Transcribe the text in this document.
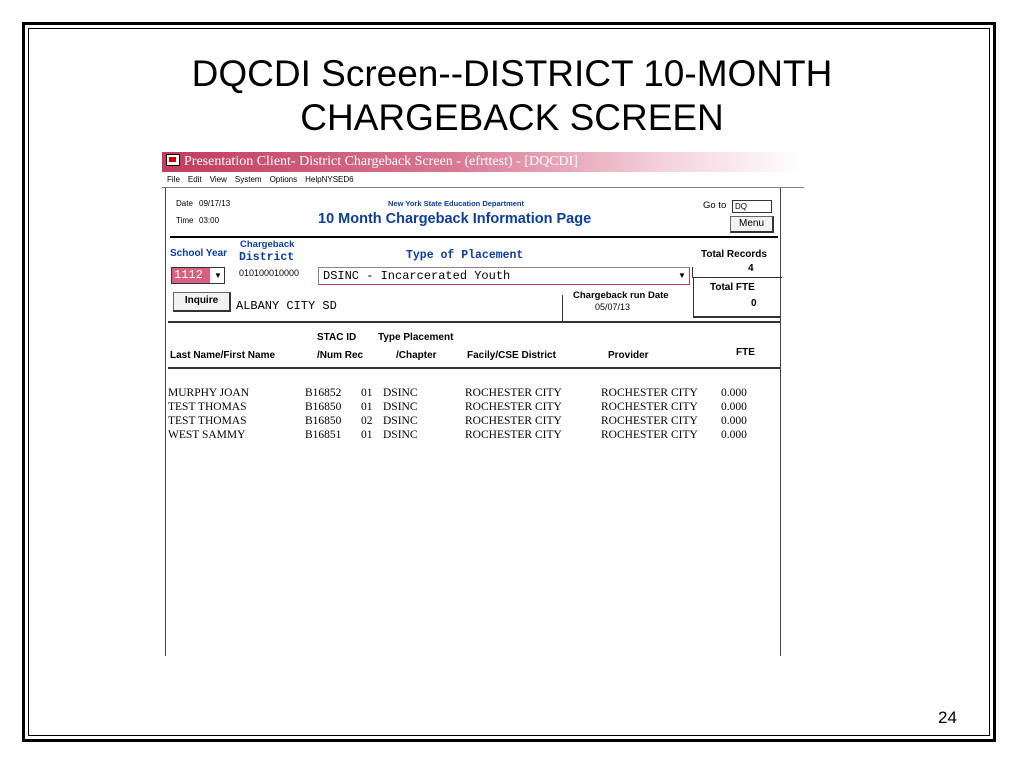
DQCDI Screen--DISTRICT 10-MONTH
CHARGEBACK SCREEN
24
Presentation Client- District Chargeback Screen - (efrttest) - [DQCDI]
File Edit View System Options HelpNYSED6
Date 09/17/13
Time 03:00
New York State Education Department
10 Month Chargeback Information Page
Go to	DQ
Menu
School Year
Chargeback
District	Type of Placement	Total Records
4
1112	▼	010100010000 DSINC - Incarcerated Youth	▼
Total FTE
0
Inquire	ALBANY CITY SD
Chargeback run Date
05/07/13
STAC ID Type Placement
Last Name/First Name	/Num Rec	/Chapter	Facily/CSE District	Provider	FTE
MURPHY JOAN	B16852	01	DSINC	ROCHESTER CITY	ROCHESTER CITY	0.000
TEST THOMAS	B16850	01	DSINC	ROCHESTER CITY	ROCHESTER CITY	0.000
TEST THOMAS	B16850	02	DSINC	ROCHESTER CITY	ROCHESTER CITY	0.000
WEST SAMMY	B16851	01	DSINC	ROCHESTER CITY	ROCHESTER CITY	0.000
